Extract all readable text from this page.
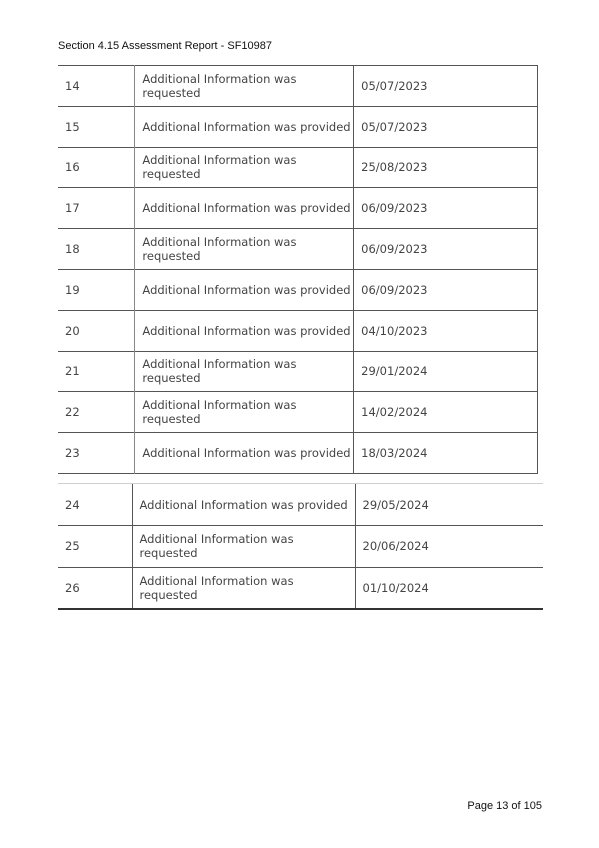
Section 4.15 Assessment Report - SF10987
14	Additional Information was requested	05/07/2023
15	Additional Information was provided	05/07/2023
16	Additional Information was requested	25/08/2023
17	Additional Information was provided	06/09/2023
18	Additional Information was requested	06/09/2023
19	Additional Information was provided	06/09/2023
20	Additional Information was provided	04/10/2023
21	Additional Information was requested	29/01/2024
22	Additional Information was requested	14/02/2024
23	Additional Information was provided	18/03/2024
24	Additional Information was provided	29/05/2024
25	Additional Information was requested	20/06/2024
26	Additional Information was requested	01/10/2024
Page 13 of 105
